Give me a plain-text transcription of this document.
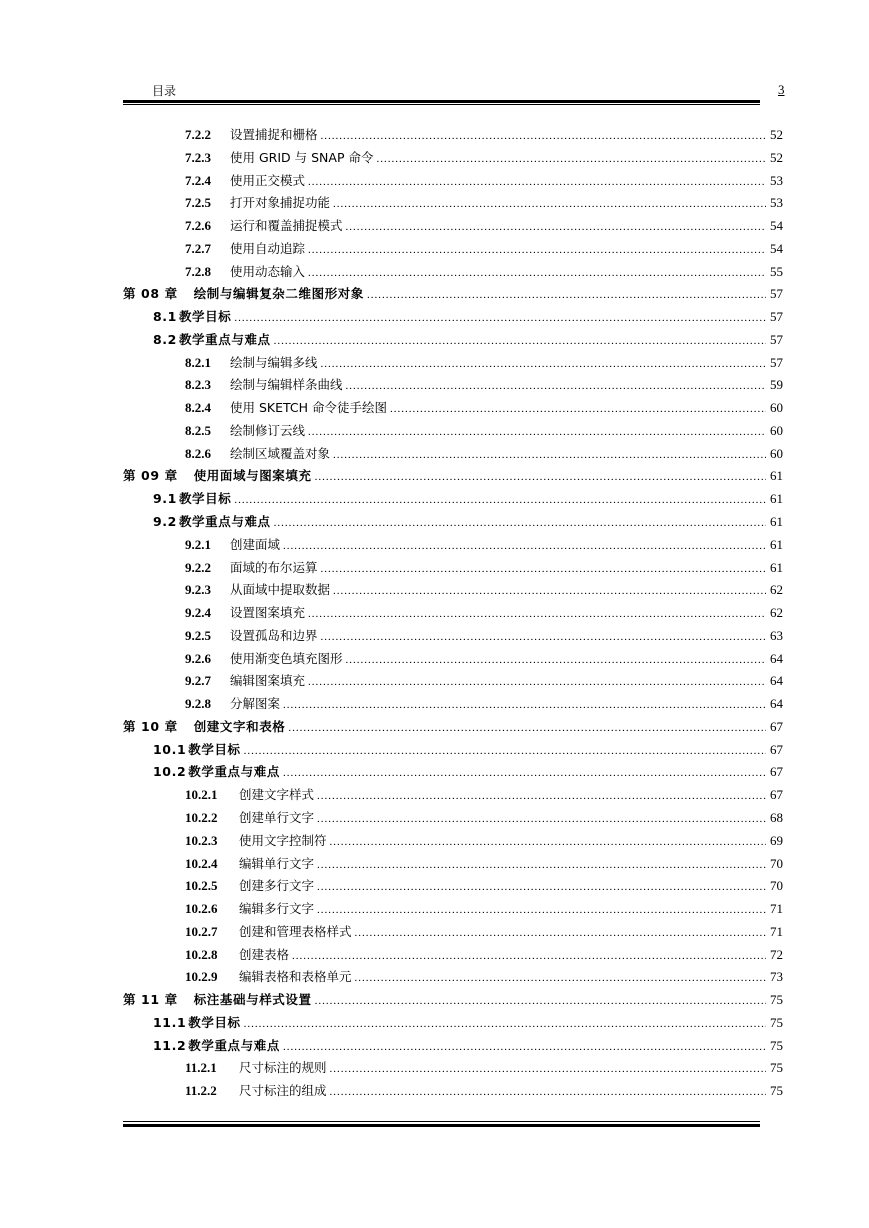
目录	3
7.2.2	设置捕捉和栅格 .....	52
7.2.3	使用 GRID 与 SNAP 命令 .....	52
7.2.4	使用正交模式 .....	53
7.2.5	打开对象捕捉功能 .....	53
7.2.6	运行和覆盖捕捉模式 .....	54
7.2.7	使用自动追踪 .....	54
7.2.8	使用动态输入 .....	55
第 08 章 绘制与编辑复杂二维图形对象 .....	57
8.1 教学目标 .....	57
8.2 教学重点与难点 .....	57
8.2.1	绘制与编辑多线 .....	57
8.2.3	绘制与编辑样条曲线 .....	59
8.2.4	使用 SKETCH 命令徒手绘图 .....	60
8.2.5	绘制修订云线 .....	60
8.2.6	绘制区域覆盖对象 .....	60
第 09 章 使用面域与图案填充 .....	61
9.1 教学目标 .....	61
9.2 教学重点与难点 .....	61
9.2.1	创建面域 .....	61
9.2.2	面域的布尔运算 .....	61
9.2.3	从面域中提取数据 .....	62
9.2.4	设置图案填充 .....	62
9.2.5	设置孤岛和边界 .....	63
9.2.6	使用渐变色填充图形 .....	64
9.2.7	编辑图案填充 .....	64
9.2.8	分解图案 .....	64
第 10 章 创建文字和表格 .....	67
10.1 教学目标 .....	67
10.2 教学重点与难点 .....	67
10.2.1	创建文字样式 .....	67
10.2.2	创建单行文字 .....	68
10.2.3	使用文字控制符 .....	69
10.2.4	编辑单行文字 .....	70
10.2.5	创建多行文字 .....	70
10.2.6	编辑多行文字 .....	71
10.2.7	创建和管理表格样式 .....	71
10.2.8	创建表格 .....	72
10.2.9	编辑表格和表格单元 .....	73
第 11 章 标注基础与样式设置 .....	75
11.1 教学目标 .....	75
11.2 教学重点与难点 .....	75
11.2.1	尺寸标注的规则 .....	75
11.2.2	尺寸标注的组成 .....	75
